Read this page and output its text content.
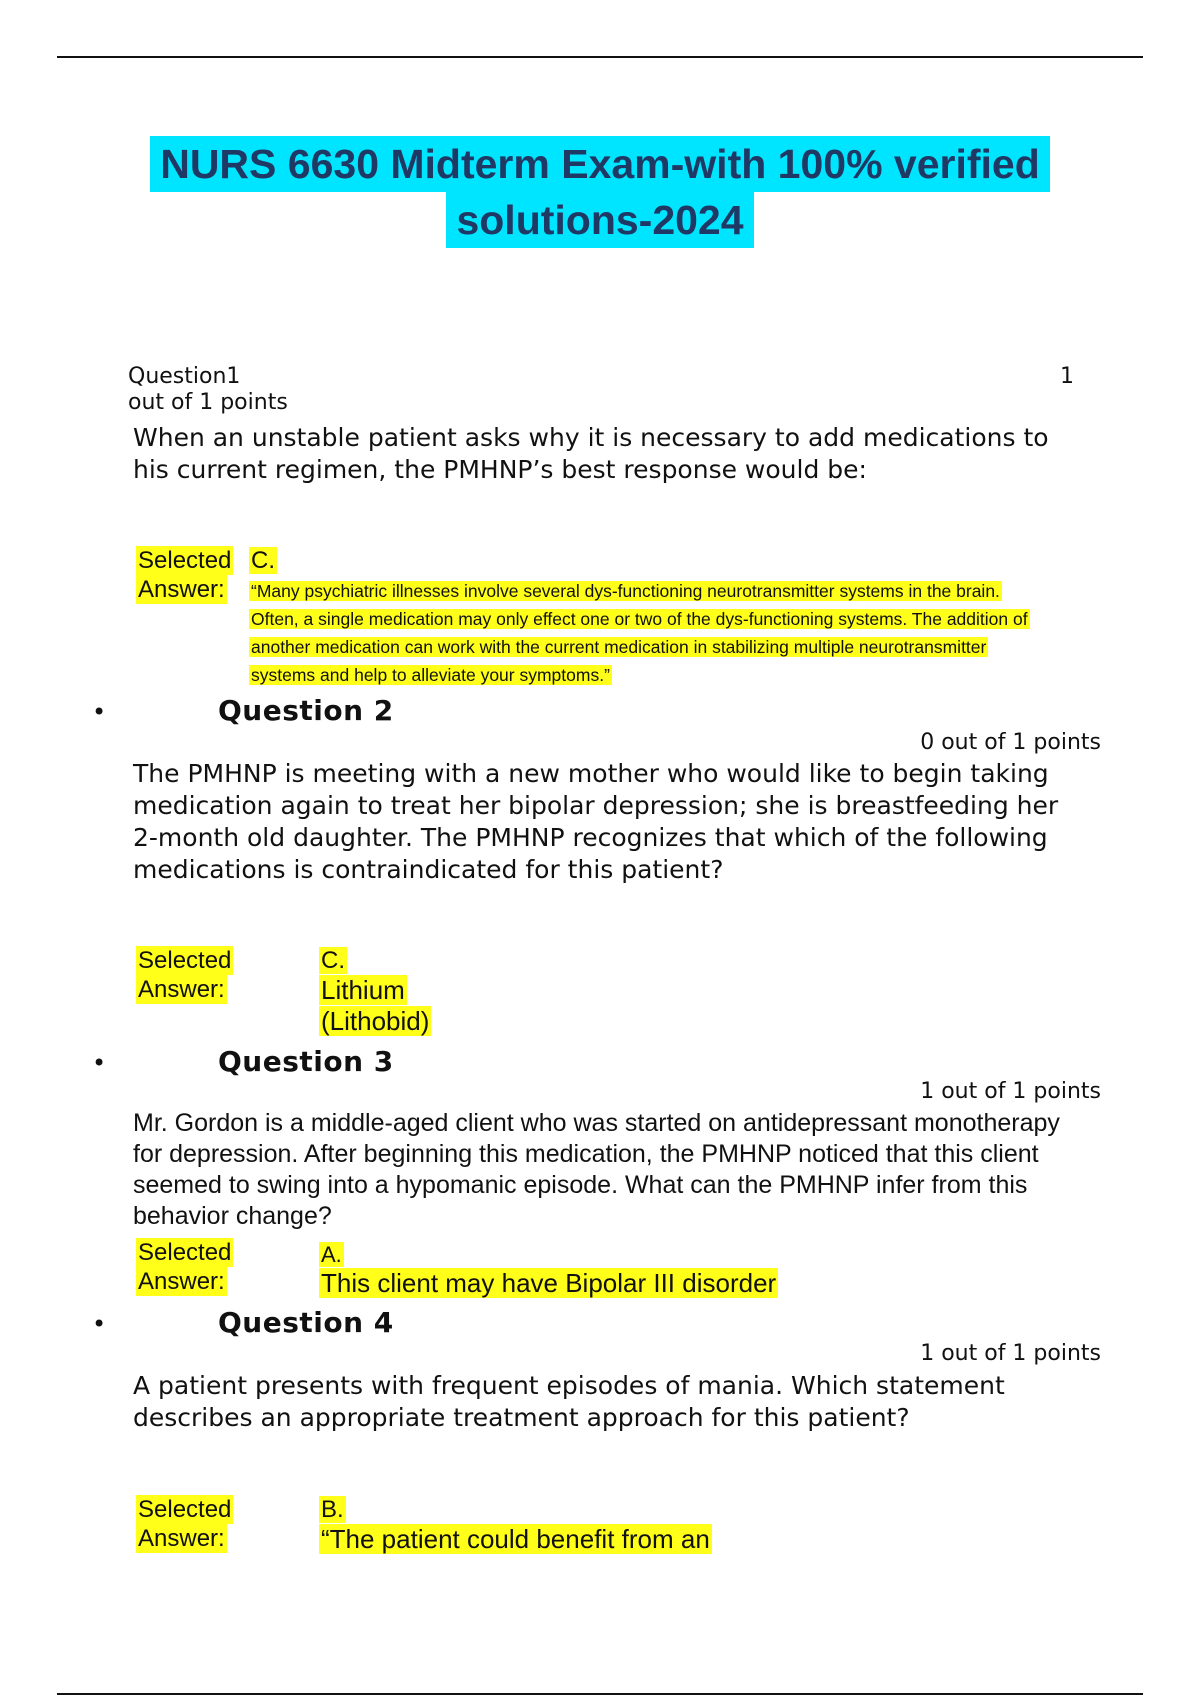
NURS 6630 Midterm Exam-with 100% verified
solutions-2024
Question1	1
out of 1 points
When an unstable patient asks why it is necessary to add medications to his current regimen, the PMHNP’s best response would be:
Selected
Answer:
C.
“Many psychiatric illnesses involve several dys-functioning neurotransmitter systems in the brain. Often, a single medication may only effect one or two of the dys-functioning systems. The addition of another medication can work with the current medication in stabilizing multiple neurotransmitter systems and help to alleviate your symptoms.”
•	Question 2
0 out of 1 points
The PMHNP is meeting with a new mother who would like to begin taking medication again to treat her bipolar depression; she is breastfeeding her 2-month old daughter. The PMHNP recognizes that which of the following medications is contraindicated for this patient?
Selected
Answer:
C.
Lithium
(Lithobid)
•	Question 3
1 out of 1 points
Mr. Gordon is a middle-aged client who was started on antidepressant monotherapy for depression. After beginning this medication, the PMHNP noticed that this client seemed to swing into a hypomanic episode. What can the PMHNP infer from this behavior change?
Selected
Answer:
A.
This client may have Bipolar III disorder
•	Question 4
1 out of 1 points
A patient presents with frequent episodes of mania. Which statement describes an appropriate treatment approach for this patient?
Selected
Answer:
B.
“The patient could benefit from an
